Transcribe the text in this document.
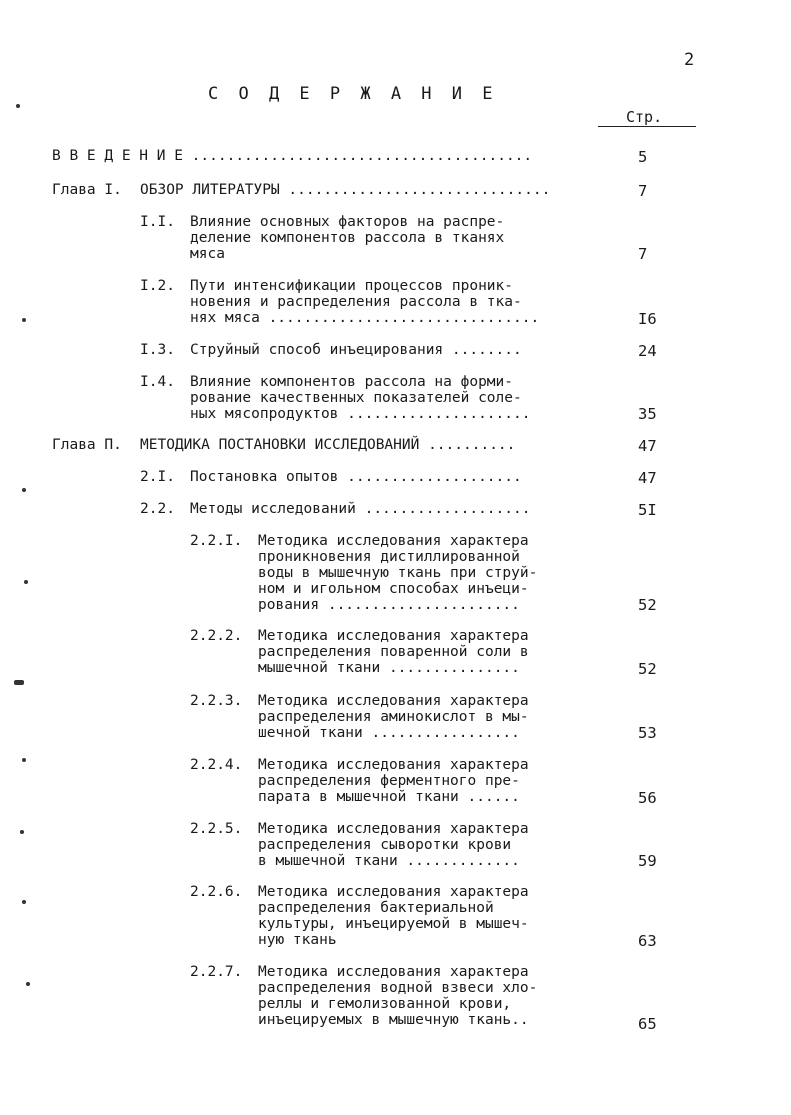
2
С О Д Е Р Ж А Н И Е
Стр.
В В Е Д Е Н И Е .......................................	5
Глава I. ОБЗОР ЛИТЕРАТУРЫ ..............................	7
I.I. Влияние основных факторов на распре-
деление компонентов рассола в тканях
мяса	7
I.2. Пути интенсификации процессов проник-
новения и распределения рассола в тка-
нях мяса ...............................	I6
I.3. Струйный способ инъецирования ........	24
I.4. Влияние компонентов рассола на форми-
рование качественных показателей соле-
ных мясопродуктов .....................	35
Глава П. МЕТОДИКА ПОСТАНОВКИ ИССЛЕДОВАНИЙ ..........	47
2.I. Постановка опытов ....................	47
2.2. Методы исследований ...................	5I
2.2.I. Методика исследования характера
проникновения дистиллированной
воды в мышечную ткань при струй-
ном и игольном способах инъеци-
рования ......................	52
2.2.2. Методика исследования характера
распределения поваренной соли в
мышечной ткани ...............	52
2.2.3. Методика исследования характера
распределения аминокислот в мы-
шечной ткани .................	53
2.2.4. Методика исследования характера
распределения ферментного пре-
парата в мышечной ткани ......	56
2.2.5. Методика исследования характера
распределения сыворотки крови
в мышечной ткани .............	59
2.2.6. Методика исследования характера
распределения бактериальной
культуры, инъецируемой в мышеч-
ную ткань	63
2.2.7. Методика исследования характера
распределения водной взвеси хло-
реллы и гемолизованной крови,
инъецируемых в мышечную ткань..	65
